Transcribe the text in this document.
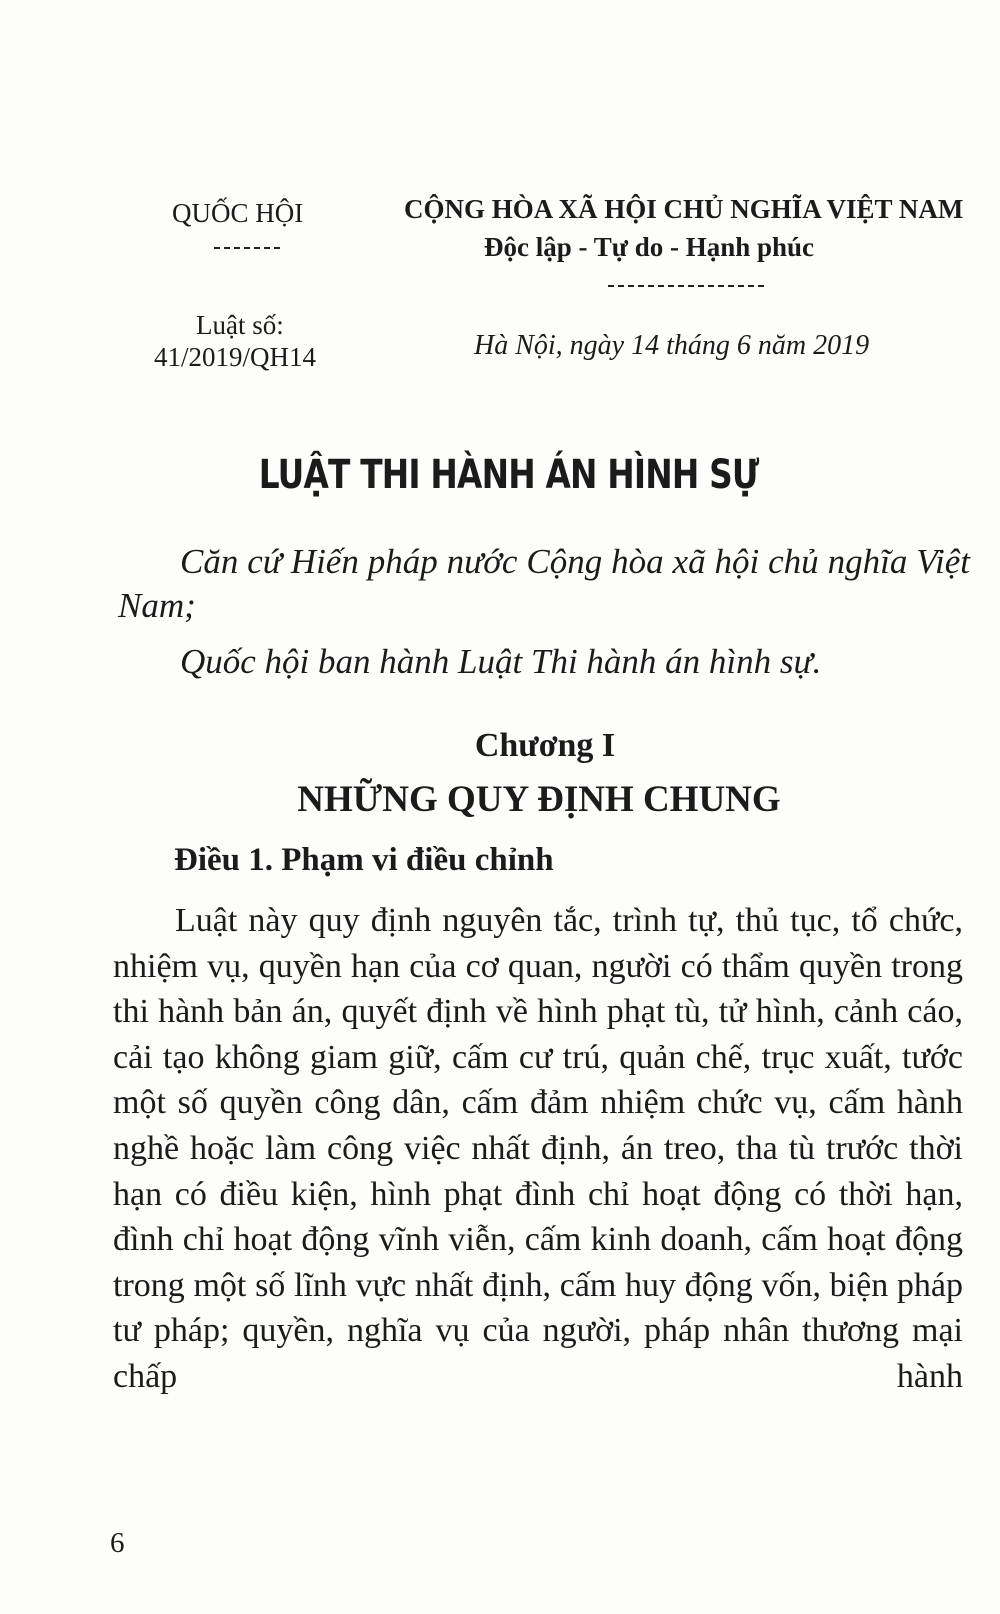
QUỐC HỘI	CỘNG HÒA XÃ HỘI CHỦ NGHĨA VIỆT NAM
Độc lập - Tự do - Hạnh phúc
Luật số:
41/2019/QH14	Hà Nội, ngày 14 tháng 6 năm 2019
LUẬT THI HÀNH ÁN HÌNH SỰ
Căn cứ Hiến pháp nước Cộng hòa xã hội chủ nghĩa Việt Nam;
Quốc hội ban hành Luật Thi hành án hình sự.
Chương I
NHỮNG QUY ĐỊNH CHUNG
Điều 1. Phạm vi điều chỉnh
Luật này quy định nguyên tắc, trình tự, thủ tục, tổ chức, nhiệm vụ, quyền hạn của cơ quan, người có thẩm quyền trong thi hành bản án, quyết định về hình phạt tù, tử hình, cảnh cáo, cải tạo không giam giữ, cấm cư trú, quản chế, trục xuất, tước một số quyền công dân, cấm đảm nhiệm chức vụ, cấm hành nghề hoặc làm công việc nhất định, án treo, tha tù trước thời hạn có điều kiện, hình phạt đình chỉ hoạt động có thời hạn, đình chỉ hoạt động vĩnh viễn, cấm kinh doanh, cấm hoạt động trong một số lĩnh vực nhất định, cấm huy động vốn, biện pháp tư pháp; quyền, nghĩa vụ của người, pháp nhân thương mại chấp hành
6
